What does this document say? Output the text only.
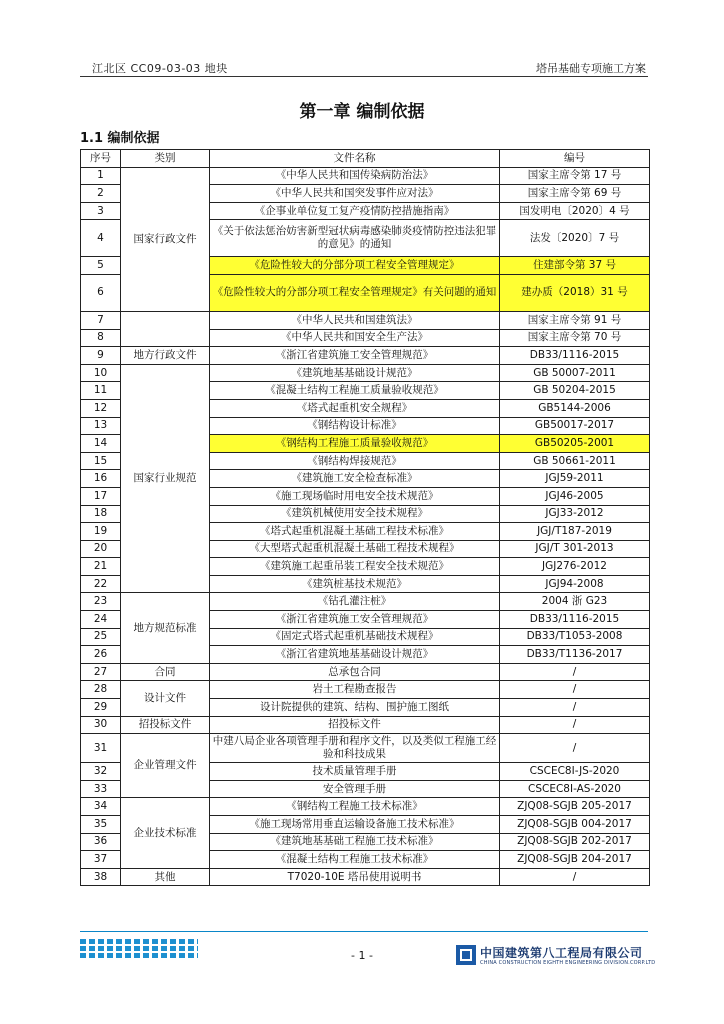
江北区 CC09-03-03 地块	塔吊基础专项施工方案
第一章 编制依据
1.1 编制依据
序号	类别	文件名称	编号
1	国家行政文件	《中华人民共和国传染病防治法》	国家主席令第 17 号
2		《中华人民共和国突发事件应对法》	国家主席令第 69 号
3		《企事业单位复工复产疫情防控措施指南》	国发明电〔2020〕4 号
4		《关于依法惩治妨害新型冠状病毒感染肺炎疫情防控违法犯罪的意见》的通知	法发〔2020〕7 号
5		《危险性较大的分部分项工程安全管理规定》	住建部令第 37 号
6		《危险性较大的分部分项工程安全管理规定》有关问题的通知	建办质（2018）31 号
7		《中华人民共和国建筑法》	国家主席令第 91 号
8		《中华人民共和国安全生产法》	国家主席令第 70 号
9	地方行政文件	《浙江省建筑施工安全管理规范》	DB33/1116-2015
10	国家行业规范	《建筑地基基础设计规范》	GB 50007-2011
11		《混凝土结构工程施工质量验收规范》	GB 50204-2015
12		《塔式起重机安全规程》	GB5144-2006
13		《钢结构设计标准》	GB50017-2017
14		《钢结构工程施工质量验收规范》	GB50205-2001
15		《钢结构焊接规范》	GB 50661-2011
16		《建筑施工安全检查标准》	JGJ59-2011
17		《施工现场临时用电安全技术规范》	JGJ46-2005
18		《建筑机械使用安全技术规程》	JGJ33-2012
19		《塔式起重机混凝土基础工程技术标准》	JGJ/T187-2019
20		《大型塔式起重机混凝土基础工程技术规程》	JGJ/T 301-2013
21		《建筑施工起重吊装工程安全技术规范》	JGJ276-2012
22		《建筑桩基技术规范》	JGJ94-2008
23	地方规范标准	《钻孔灌注桩》	2004 浙 G23
24		《浙江省建筑施工安全管理规范》	DB33/1116-2015
25		《固定式塔式起重机基础技术规程》	DB33/T1053-2008
26		《浙江省建筑地基基础设计规范》	DB33/T1136-2017
27	合同	总承包合同	/
28	设计文件	岩土工程勘查报告	/
29		设计院提供的建筑、结构、围护施工图纸	/
30	招投标文件	招投标文件	/
31	企业管理文件	中建八局企业各项管理手册和程序文件，以及类似工程施工经验和科技成果	/
32		技术质量管理手册	CSCEC8I-JS-2020
33		安全管理手册	CSCEC8I-AS-2020
34	企业技术标准	《钢结构工程施工技术标准》	ZJQ08-SGJB 205-2017
35		《施工现场常用垂直运输设备施工技术标准》	ZJQ08-SGJB 004-2017
36		《建筑地基基础工程施工技术标准》	ZJQ08-SGJB 202-2017
37		《混凝土结构工程施工技术标准》	ZJQ08-SGJB 204-2017
38	其他	T7020-10E 塔吊使用说明书	/
- 1 -	中国建筑第八工程局有限公司
CHINA CONSTRUCTION EIGHTH ENGINEERING DIVISION.CORP.LTD
